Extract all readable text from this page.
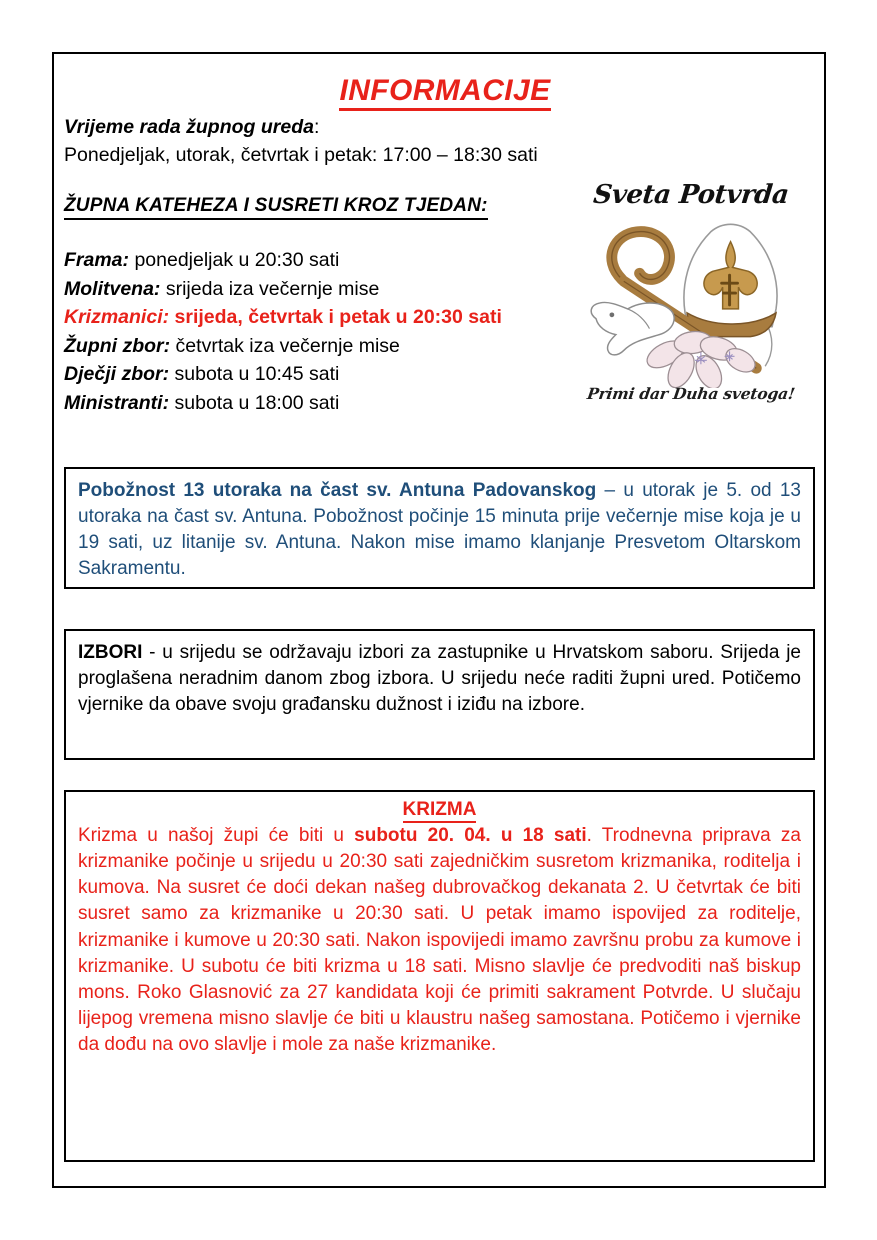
INFORMACIJE
Vrijeme rada župnog ureda:
Ponedjeljak, utorak, četvrtak i petak: 17:00 – 18:30 sati
ŽUPNA KATEHEZA I SUSRETI KROZ TJEDAN:
Frama: ponedjeljak u 20:30 sati
Molitvena: srijeda iza večernje mise
Krizmanici: srijeda, četvrtak i petak u 20:30 sati
Župni zbor: četvrtak iza večernje mise
Dječji zbor: subota u 10:45 sati
Ministranti: subota u 18:00 sati
Sveta Potvrda
Primi dar Duha svetoga!

Pobožnost 13 utoraka na čast sv. Antuna Padovanskog – u utorak je 5. od 13 utoraka na čast sv. Antuna. Pobožnost počinje 15 minuta prije večernje mise koja je u 19 sati, uz litanije sv. Antuna. Nakon mise imamo klanjanje Presvetom Oltarskom Sakramentu.

IZBORI - u srijedu se održavaju izbori za zastupnike u Hrvatskom saboru. Srijeda je proglašena neradnim danom zbog izbora. U srijedu neće raditi župni ured. Potičemo vjernike da obave svoju građansku dužnost i iziđu na izbore.

KRIZMA

Krizma u našoj župi će biti u subotu 20. 04. u 18 sati. Trodnevna priprava za krizmanike počinje u srijedu u 20:30 sati zajedničkim susretom krizmanika, roditelja i kumova. Na susret će doći dekan našeg dubrovačkog dekanata 2. U četvrtak će biti susret samo za krizmanike u 20:30 sati. U petak imamo ispovijed za roditelje, krizmanike i kumove u 20:30 sati. Nakon ispovijedi imamo završnu probu za kumove i krizmanike. U subotu će biti krizma u 18 sati. Misno slavlje će predvoditi naš biskup mons. Roko Glasnović za 27 kandidata koji će primiti sakrament Potvrde. U slučaju lijepog vremena misno slavlje će biti u klaustru našeg samostana. Potičemo i vjernike da dođu na ovo slavlje i mole za naše krizmanike.
